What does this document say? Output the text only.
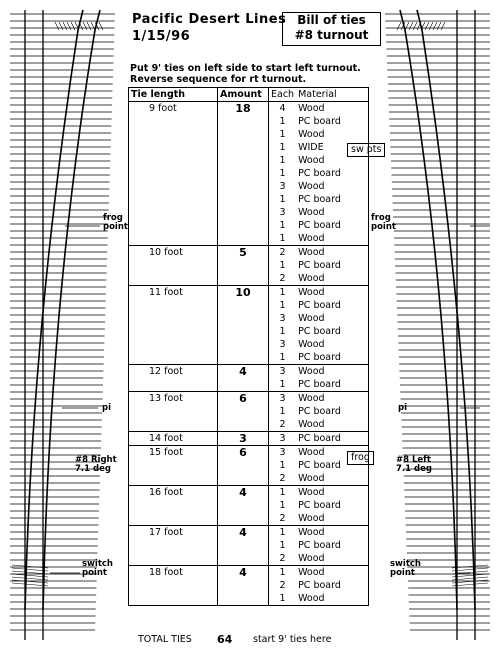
Pacific Desert Lines
1/15/96
Bill of ties
#8 turnout
Put 9' ties on left side to start left turnout.
Reverse sequence for rt turnout.
Tie length	Amount	Each	Material
9 foot	18	4	Wood
		1	PC board
		1	Wood
		1	WIDE
		1	Wood
		1	PC board
		3	Wood
		1	PC board
		3	Wood
		1	PC board
		1	Wood
10 foot	5	2	Wood
		1	PC board
		2	Wood
11 foot	10	1	Wood
		1	PC board
		3	Wood
		1	PC board
		3	Wood
		1	PC board
12 foot	4	3	Wood
		1	PC board
13 foot	6	3	Wood
		1	PC board
		2	Wood
14 foot	3	3	PC board
15 foot	6	3	Wood
		1	PC board
		2	Wood
16 foot	4	1	Wood
		1	PC board
		2	Wood
17 foot	4	1	Wood
		1	PC board
		2	Wood
18 foot	4	1	Wood
		2	PC board
		1	Wood
sw pts
frog
TOTAL TIES 64 start 9' ties here
frog
point
pi
#8 Right
7.1 deg
switch
point
frog
point
pi
#8 Left
7.1 deg
switch
point
